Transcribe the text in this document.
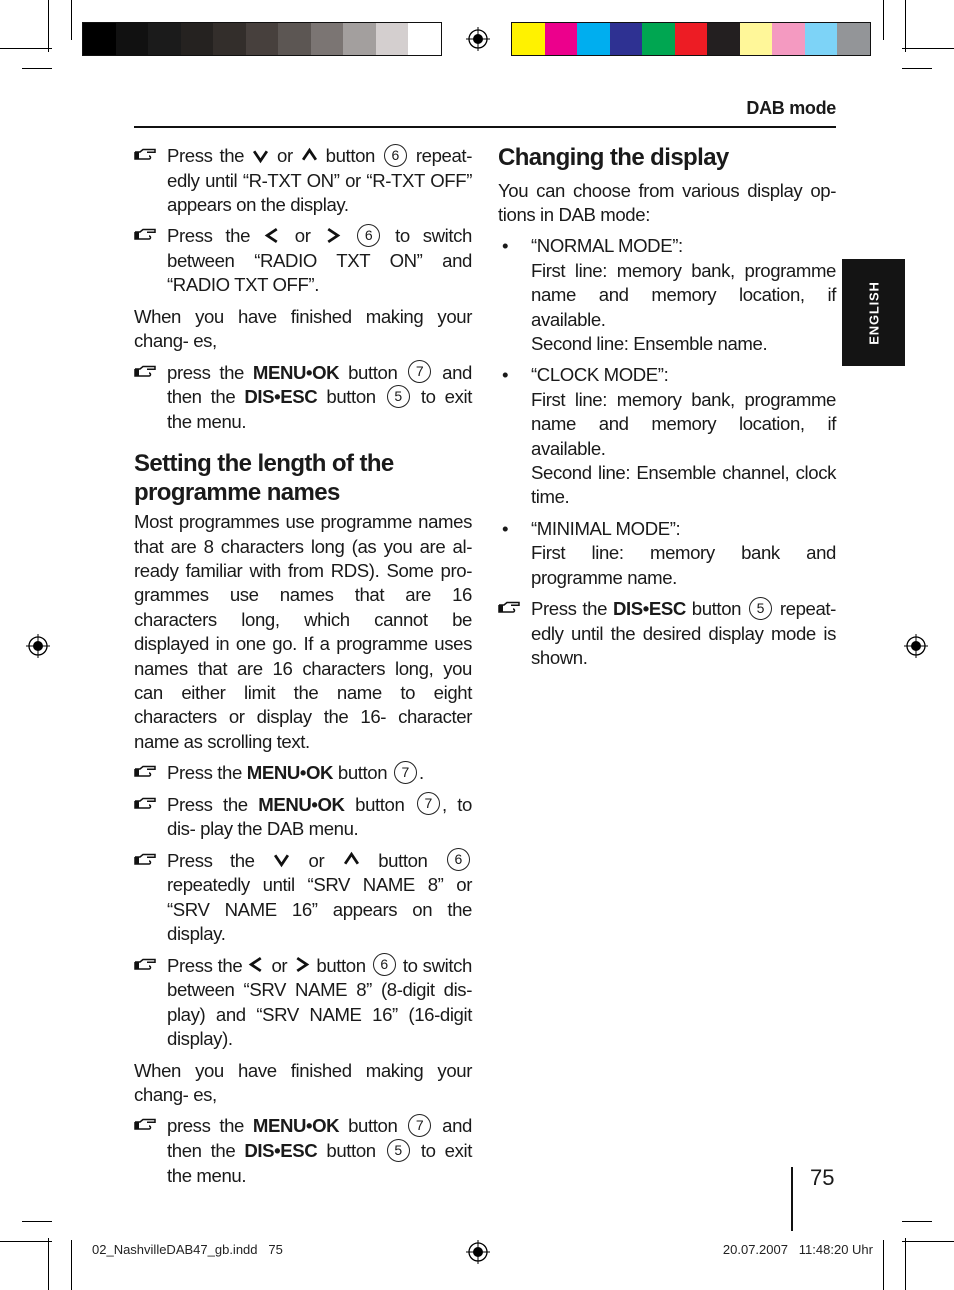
DAB mode
ENGLISH
Press the or button 6 repeat- edly until “R-TXT ON” or “R-TXT OFF” appears on the display.
Press the or	6 to switch between “RADIO TXT ON” and “RADIO TXT OFF”.

When you have finished making your chang- es,

press the MENU•OK button 7 and then the DIS•ESC button 5 to exit the menu.
Setting the length of the programme names

Most programmes use programme names that are 8 characters long (as you are al- ready familiar with from RDS). Some pro- grammes use names that are 16 characters long, which cannot be displayed in one go. If a programme uses names that are 16 characters long, you can either limit the name to eight characters or display the 16- character name as scrolling text.

Press the MENU•OK button 7 .
Press the MENU•OK button 7 , to dis- play the DAB menu.
Press the	or	button 6 repeatedly until “SRV NAME 8” or “SRV NAME 16” appears on the display.
Press the or button 6 to switch between “SRV NAME 8” (8-digit dis- play) and “SRV NAME 16” (16-digit display).

When you have finished making your chang- es,

press the MENU•OK button 7 and then the DIS•ESC button 5 to exit the menu.
Changing the display

You can choose from various display op- tions in DAB mode:

• “NORMAL MODE”:
First line: memory bank, programme name and memory location, if available.
Second line: Ensemble name.
• “CLOCK MODE”:
First line: memory bank, programme name and memory location, if available.
Second line: Ensemble channel, clock time.
• “MINIMAL MODE”:
First line: memory bank and programme name.
Press the DIS•ESC button 5 repeat- edly until the desired display mode is shown.
75
02_NashvilleDAB47_gb.indd   75	20.07.2007   11:48:20 Uhr
